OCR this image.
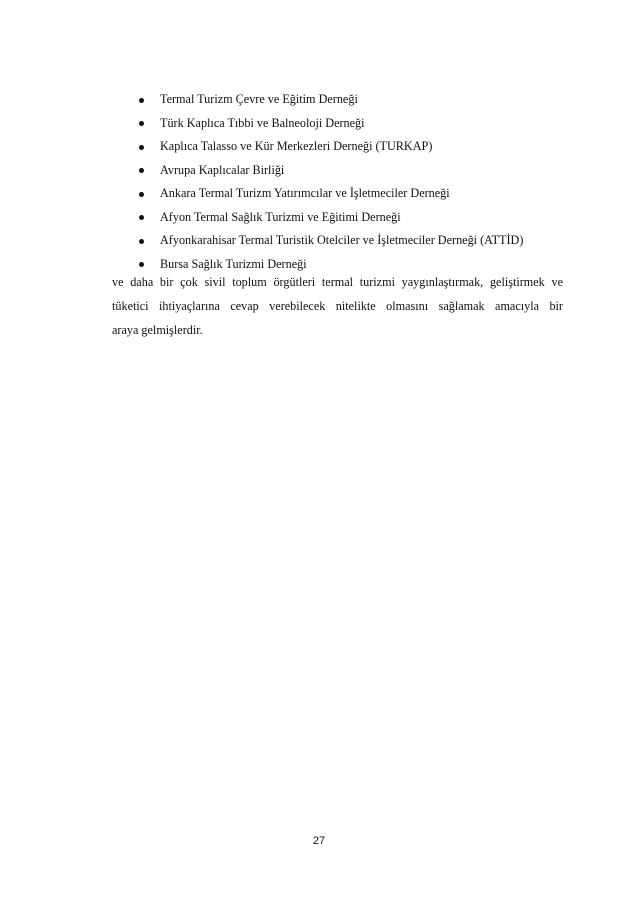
Termal Turizm Çevre ve Eğitim Derneği
Türk Kaplıca Tıbbi ve Balneoloji Derneği
Kaplıca Talasso ve Kür Merkezleri Derneği (TURKAP)
Avrupa Kaplıcalar Birliği
Ankara Termal Turizm Yatırımcılar ve İşletmeciler Derneği
Afyon Termal Sağlık Turizmi ve Eğitimi Derneği
Afyonkarahisar Termal Turistik Otelciler ve İşletmeciler Derneği (ATTİD)
Bursa Sağlık Turizmi Derneği

ve daha bir çok sivil toplum örgütleri termal turizmi yaygınlaştırmak, geliştirmek ve
tüketici ihtiyaçlarına cevap verebilecek nitelikte olmasını sağlamak amacıyla bir
araya gelmişlerdir.

27
